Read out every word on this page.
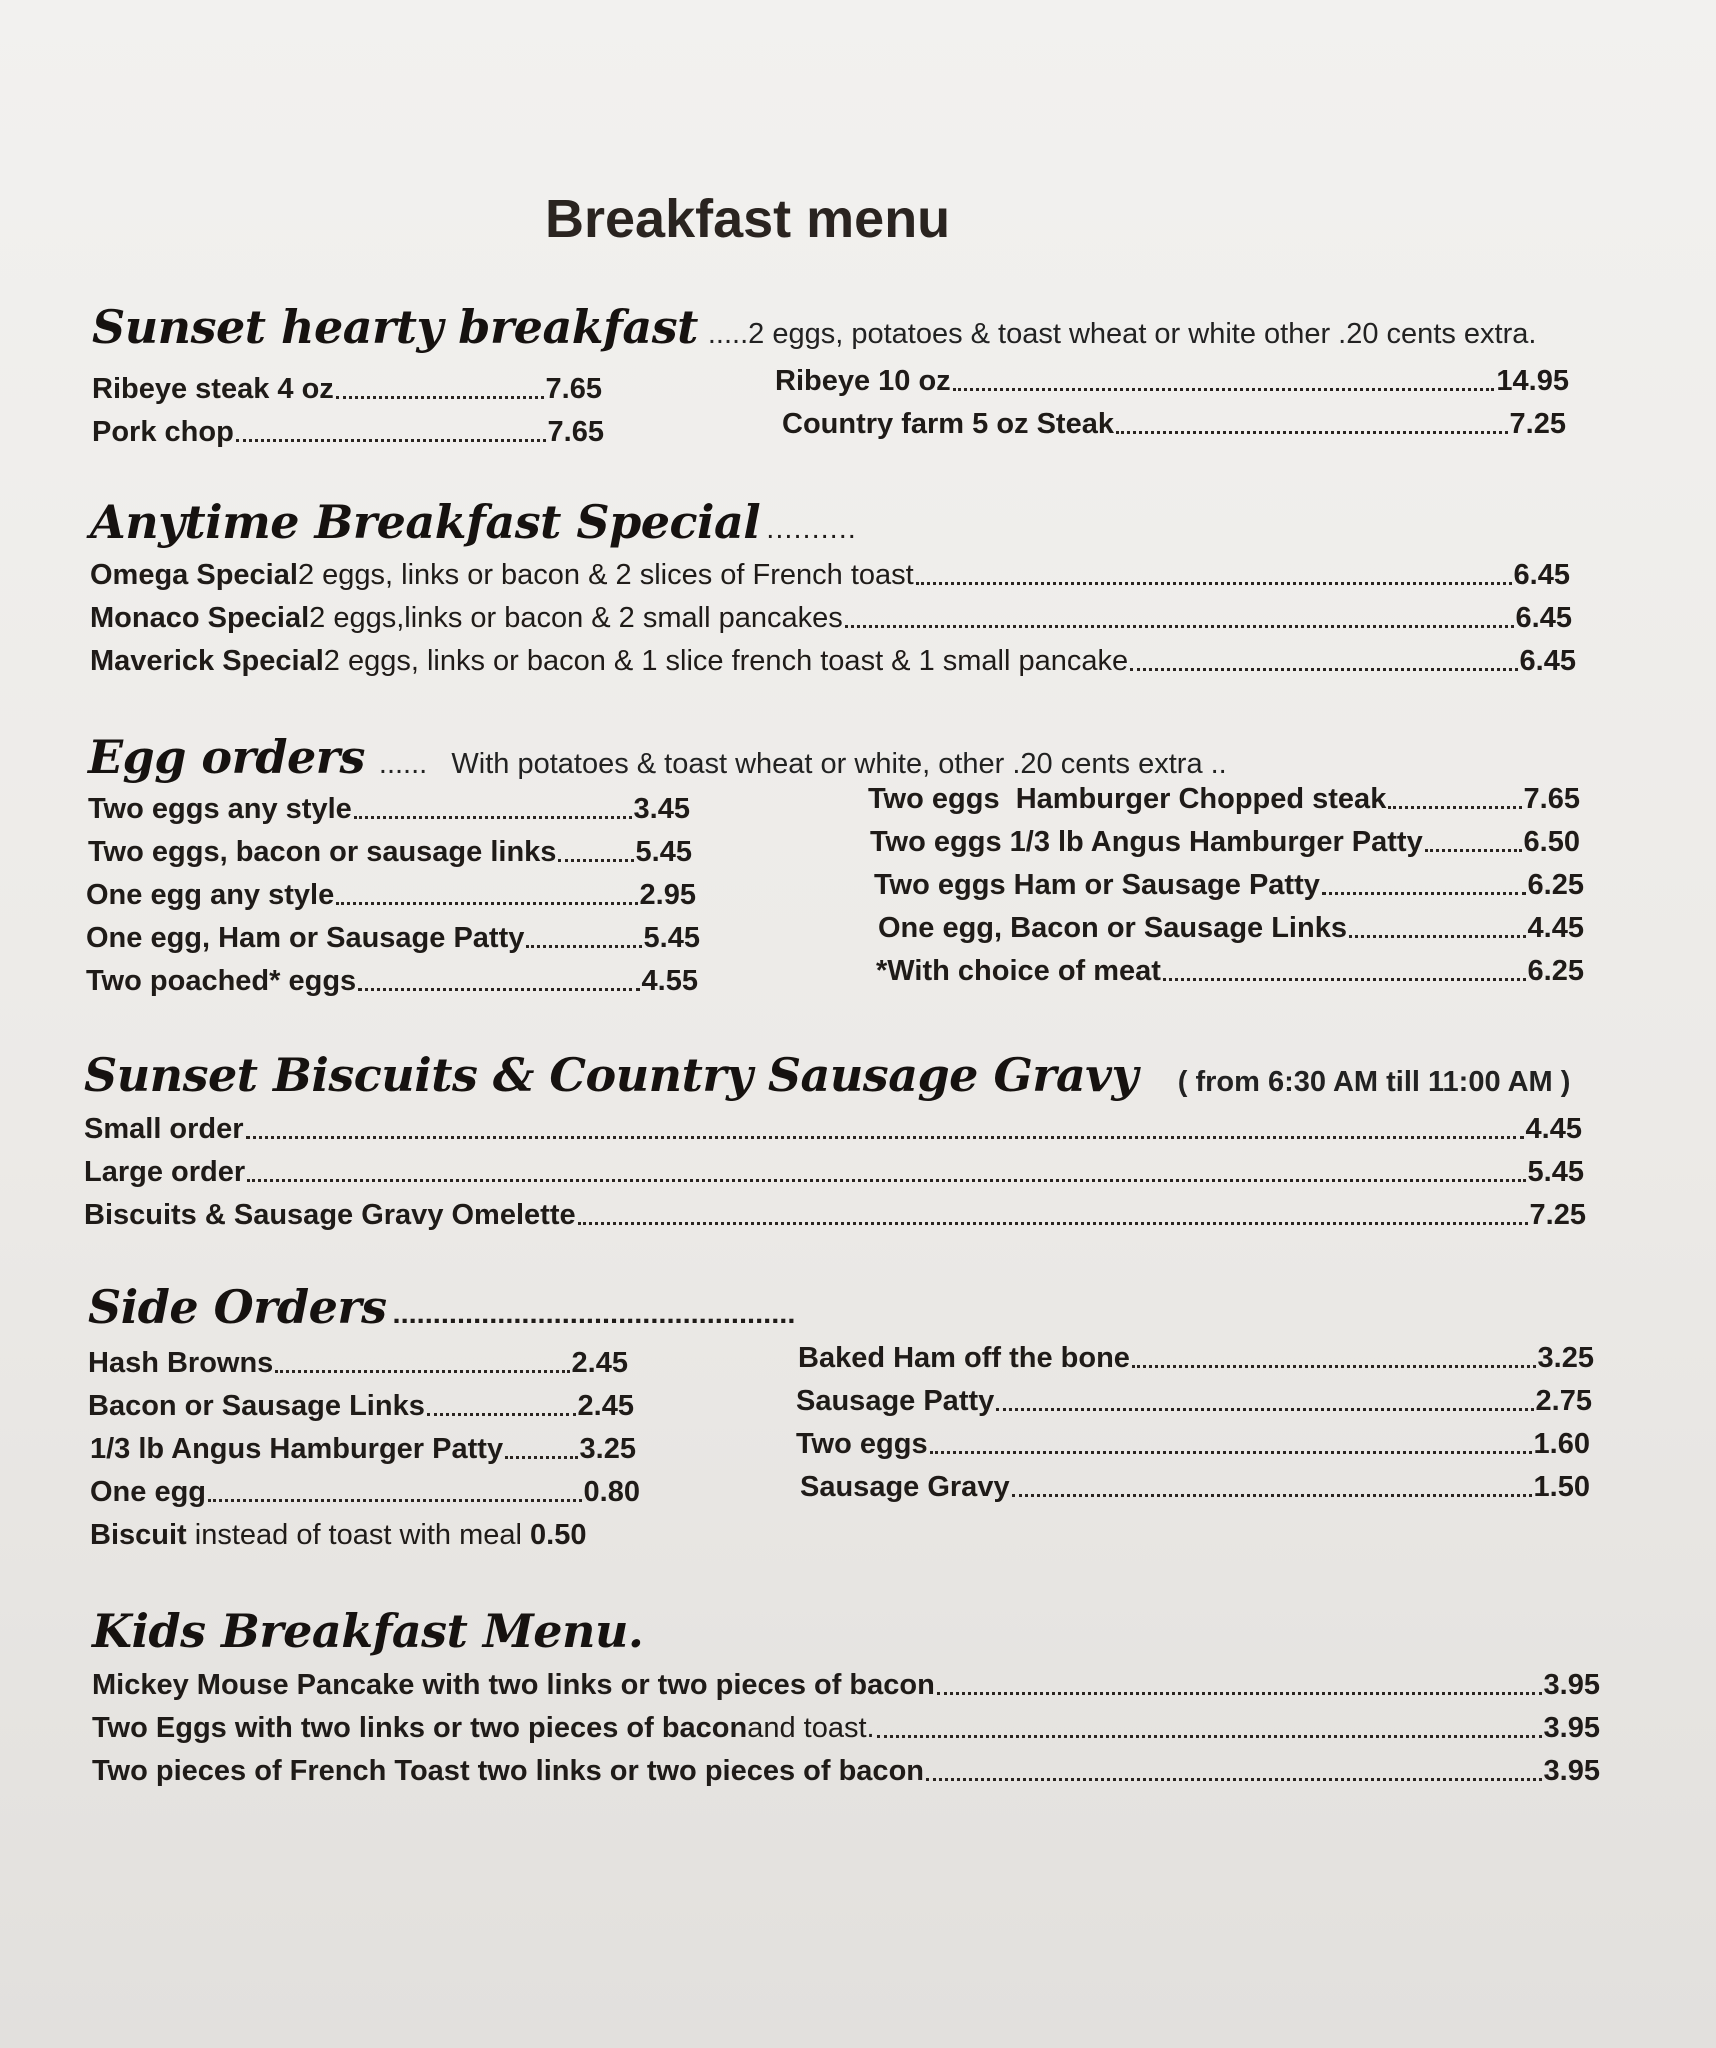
Breakfast menu
Sunset hearty breakfast .....2 eggs, potatoes & toast wheat or white other .20 cents extra.
Ribeye steak 4 oz	7.65
Pork chop	7.65
Ribeye 10 oz	14.95
Country farm 5 oz Steak	7.25
Anytime Breakfast Special ..........
Omega Special 2 eggs, links or bacon & 2 slices of French toast	6.45
Monaco Special 2 eggs,links or bacon & 2 small pancakes	6.45
Maverick Special 2 eggs, links or bacon & 1 slice french toast & 1 small pancake	6.45
Egg orders ......   With potatoes & toast wheat or white, other .20 cents extra ..
Two eggs any style	3.45
Two eggs, bacon or sausage links	5.45
One egg any style	2.95
One egg, Ham or Sausage Patty	5.45
Two poached* eggs	4.55
Two eggs  Hamburger Chopped steak	7.65
Two eggs 1/3 lb Angus Hamburger Patty	6.50
Two eggs Ham or Sausage Patty	6.25
One egg, Bacon or Sausage Links	4.45
*With choice of meat	6.25
Sunset Biscuits & Country Sausage Gravy ( from 6:30 AM till 11:00 AM )
Small order	4.45
Large order	5.45
Biscuits & Sausage Gravy Omelette	7.25
Side Orders ..................................................
Hash Browns	2.45
Bacon or Sausage Links	2.45
1/3 lb Angus Hamburger Patty	3.25
One egg	0.80
Biscuit instead of toast with meal 0.50
Baked Ham off the bone	3.25
Sausage Patty	2.75
Two eggs	1.60
Sausage Gravy	1.50
Kids Breakfast Menu.
Mickey Mouse Pancake with two links or two pieces of bacon	3.95
Two Eggs with two links or two pieces of bacon and toast.	3.95
Two pieces of French Toast two links or two pieces of bacon	3.95
